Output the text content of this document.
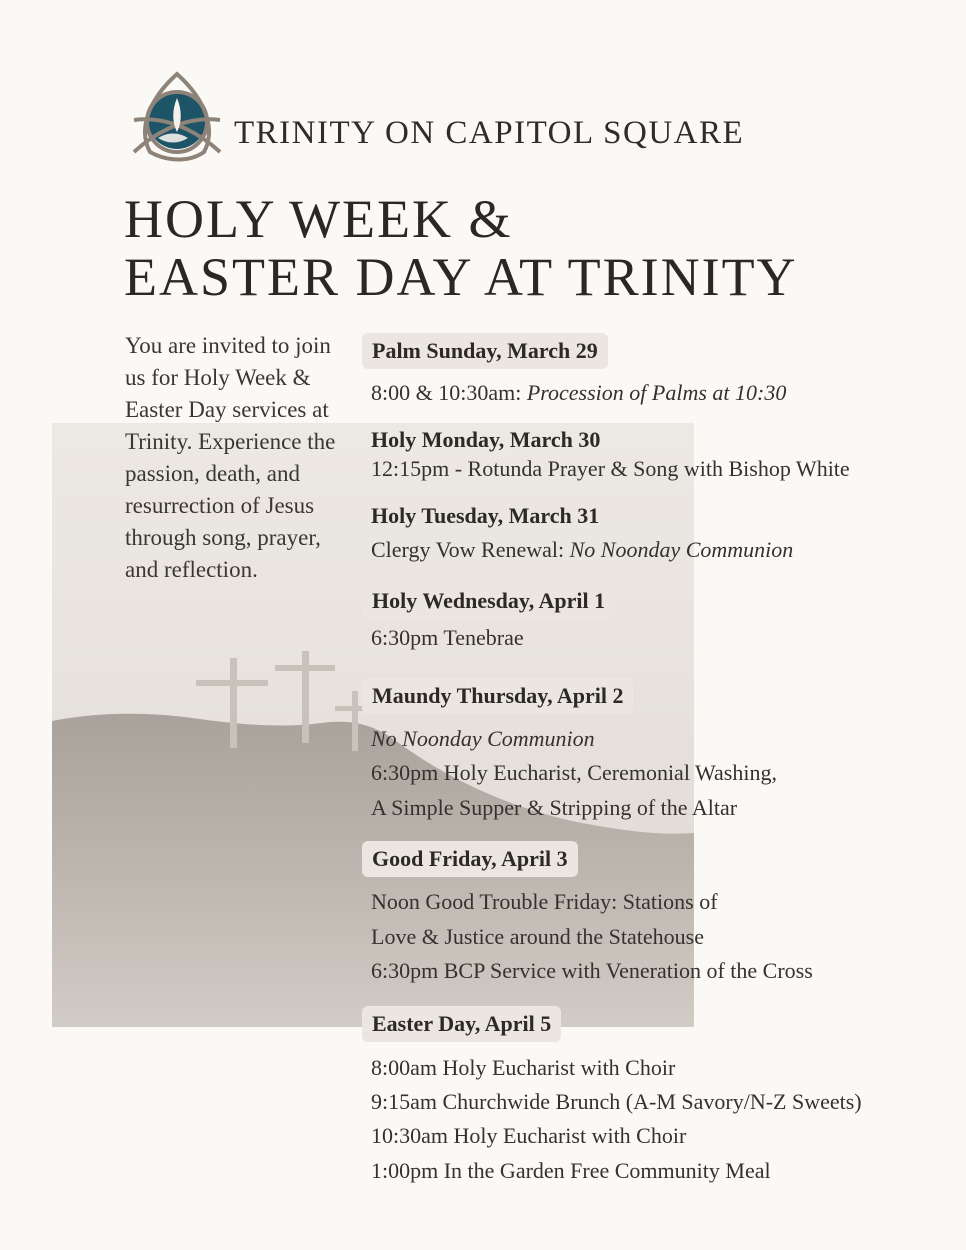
TRINITY ON CAPITOL SQUARE
HOLY WEEK &
EASTER DAY AT TRINITY
You are invited to join us for Holy Week & Easter Day services at Trinity. Experience the passion, death, and resurrection of Jesus through song, prayer, and reflection.
Palm Sunday, March 29
8:00 & 10:30am: Procession of Palms at 10:30
Holy Monday, March 30
12:15pm - Rotunda Prayer & Song with Bishop White
Holy Tuesday, March 31
Clergy Vow Renewal: No Noonday Communion
Holy Wednesday, April 1
6:30pm Tenebrae
Maundy Thursday, April 2
No Noonday Communion
6:30pm Holy Eucharist, Ceremonial Washing,
A Simple Supper & Stripping of the Altar
Good Friday, April 3
Noon Good Trouble Friday: Stations of
Love & Justice around the Statehouse
6:30pm BCP Service with Veneration of the Cross
Easter Day, April 5
8:00am Holy Eucharist with Choir
9:15am Churchwide Brunch (A-M Savory/N-Z Sweets)
10:30am Holy Eucharist with Choir
1:00pm In the Garden Free Community Meal
